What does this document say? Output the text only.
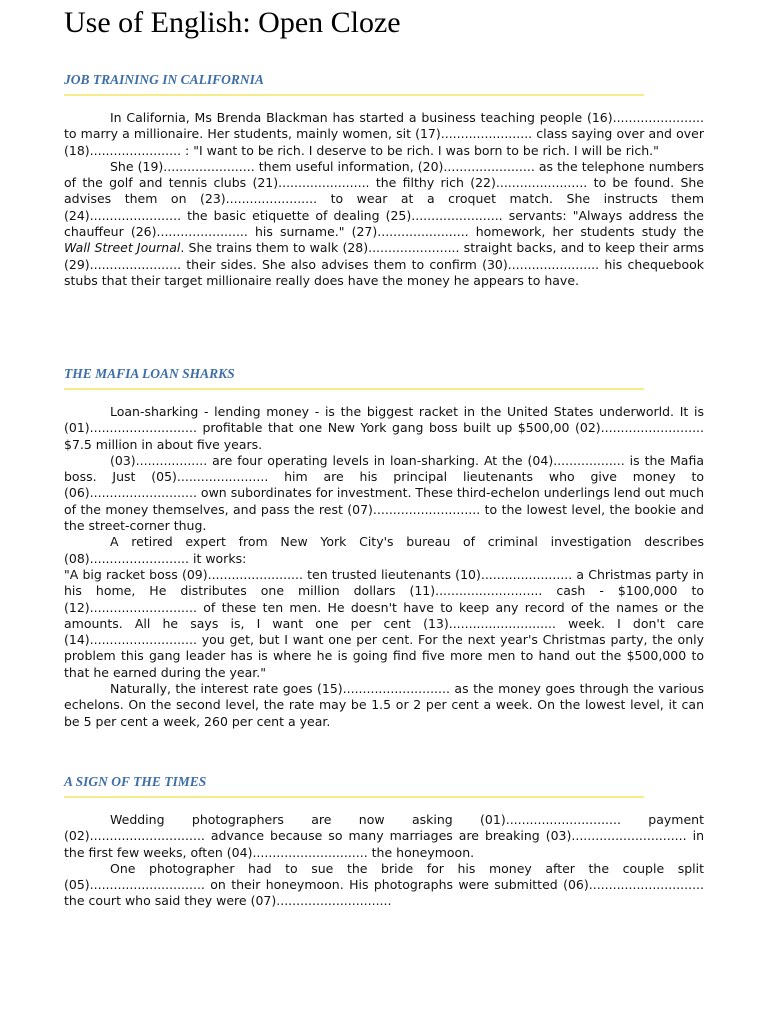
Use of English: Open Cloze
JOB TRAINING IN CALIFORNIA

In California, Ms Brenda Blackman has started a business teaching people (16)....................... to marry a millionaire. Her students, mainly women, sit (17)....................... class saying over and over (18)....................... : "I want to be rich. I deserve to be rich. I was born to be rich. I will be rich."

She (19)....................... them useful information, (20)....................... as the telephone numbers of the golf and tennis clubs (21)....................... the filthy rich (22)....................... to be found. She advises them on (23)....................... to wear at a croquet match. She instructs them (24)....................... the basic etiquette of dealing (25)....................... servants: "Always address the chauffeur (26)....................... his surname." (27)....................... homework, her students study the Wall Street Journal. She trains them to walk (28)....................... straight backs, and to keep their arms (29)....................... their sides. She also advises them to confirm (30)....................... his chequebook stubs that their target millionaire really does have the money he appears to have.

THE MAFIA LOAN SHARKS

Loan-sharking - lending money - is the biggest racket in the United States underworld. It is (01)........................... profitable that one New York gang boss built up $500,00 (02).......................... $7.5 million in about five years.

(03).................. are four operating levels in loan-sharking. At the (04).................. is the Mafia boss. Just (05)....................... him are his principal lieutenants who give money to (06)........................... own subordinates for investment. These third-echelon underlings lend out much of the money themselves, and pass the rest (07)........................... to the lowest level, the bookie and the street-corner thug.

A retired expert from New York City's bureau of criminal investigation describes (08)......................... it works:

"A big racket boss (09)........................ ten trusted lieutenants (10)....................... a Christmas party in his home, He distributes one million dollars (11)........................... cash - $100,000 to (12)........................... of these ten men. He doesn't have to keep any record of the names or the amounts. All he says is, I want one per cent (13)........................... week. I don't care (14)........................... you get, but I want one per cent. For the next year's Christmas party, the only problem this gang leader has is where he is going find five more men to hand out the $500,000 to that he earned during the year."

Naturally, the interest rate goes (15)........................... as the money goes through the various echelons. On the second level, the rate may be 1.5 or 2 per cent a week. On the lowest level, it can be 5 per cent a week, 260 per cent a year.

A SIGN OF THE TIMES

Wedding photographers are now asking (01)............................. payment (02)............................. advance because so many marriages are breaking (03)............................. in the first few weeks, often (04)............................. the honeymoon.

One photographer had to sue the bride for his money after the couple split (05)............................. on their honeymoon. His photographs were submitted (06)............................. the court who said they were (07).............................
